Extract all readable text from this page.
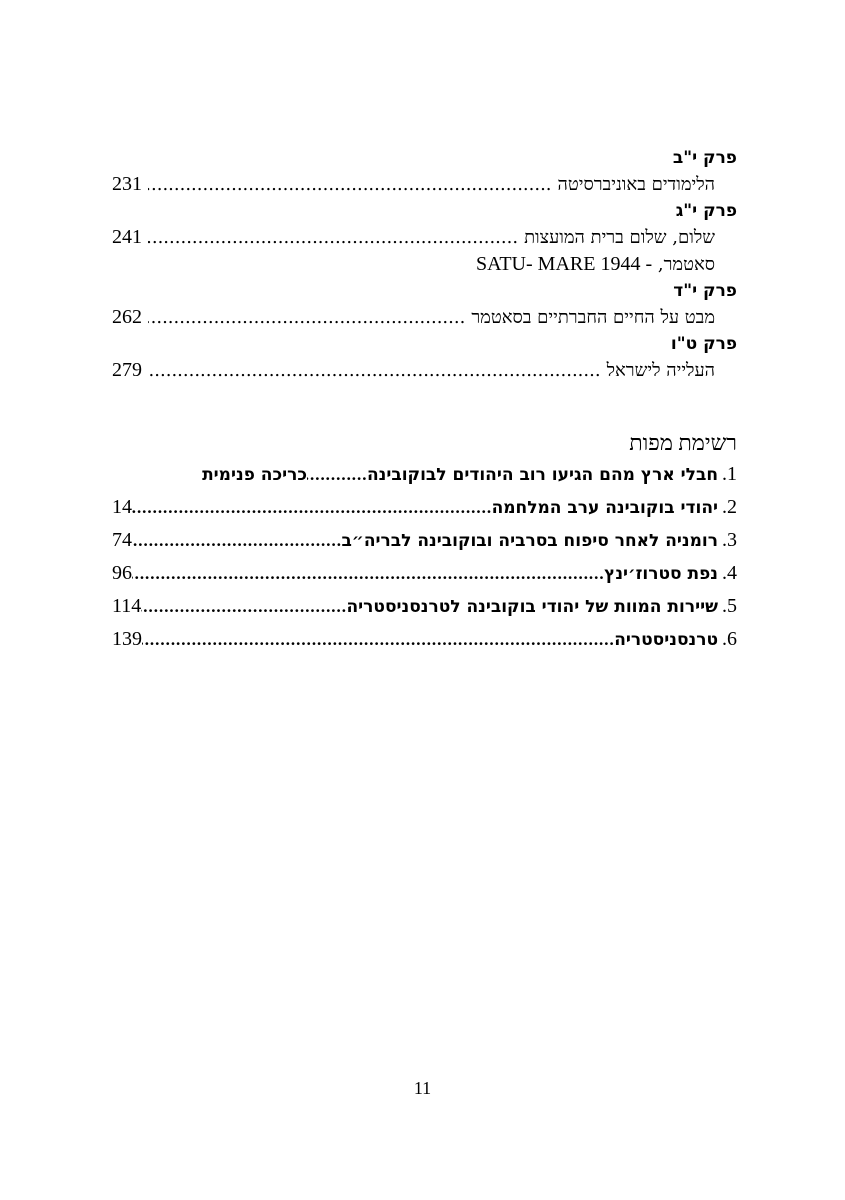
פרק י"ב
הלימודים באוניברסיטה
.....
231
פרק י"ג
שלום, שלום ברית המועצות
.....
241
סאטמר, SATU- MARE 1944 -
פרק י"ד
מבט על החיים החברתיים בסאטמר
.....
262
פרק ט"ו
העלייה לישראל
.....
279
רשימת מפות
1.
חבלי ארץ מהם הגיעו רוב היהודים לבוקובינה
.....
כריכה פנימית
2.
יהודי בוקובינה ערב המלחמה
.....
14
3.
רומניה לאחר סיפוח בסרביה ובוקובינה לבריה״ב
.....
74
4.
נפת סטרוז׳ינץ
.....
96
5.
שיירות המוות של יהודי בוקובינה לטרנסניסטריה
.....
114
6.
טרנסניסטריה
.....
139
11
